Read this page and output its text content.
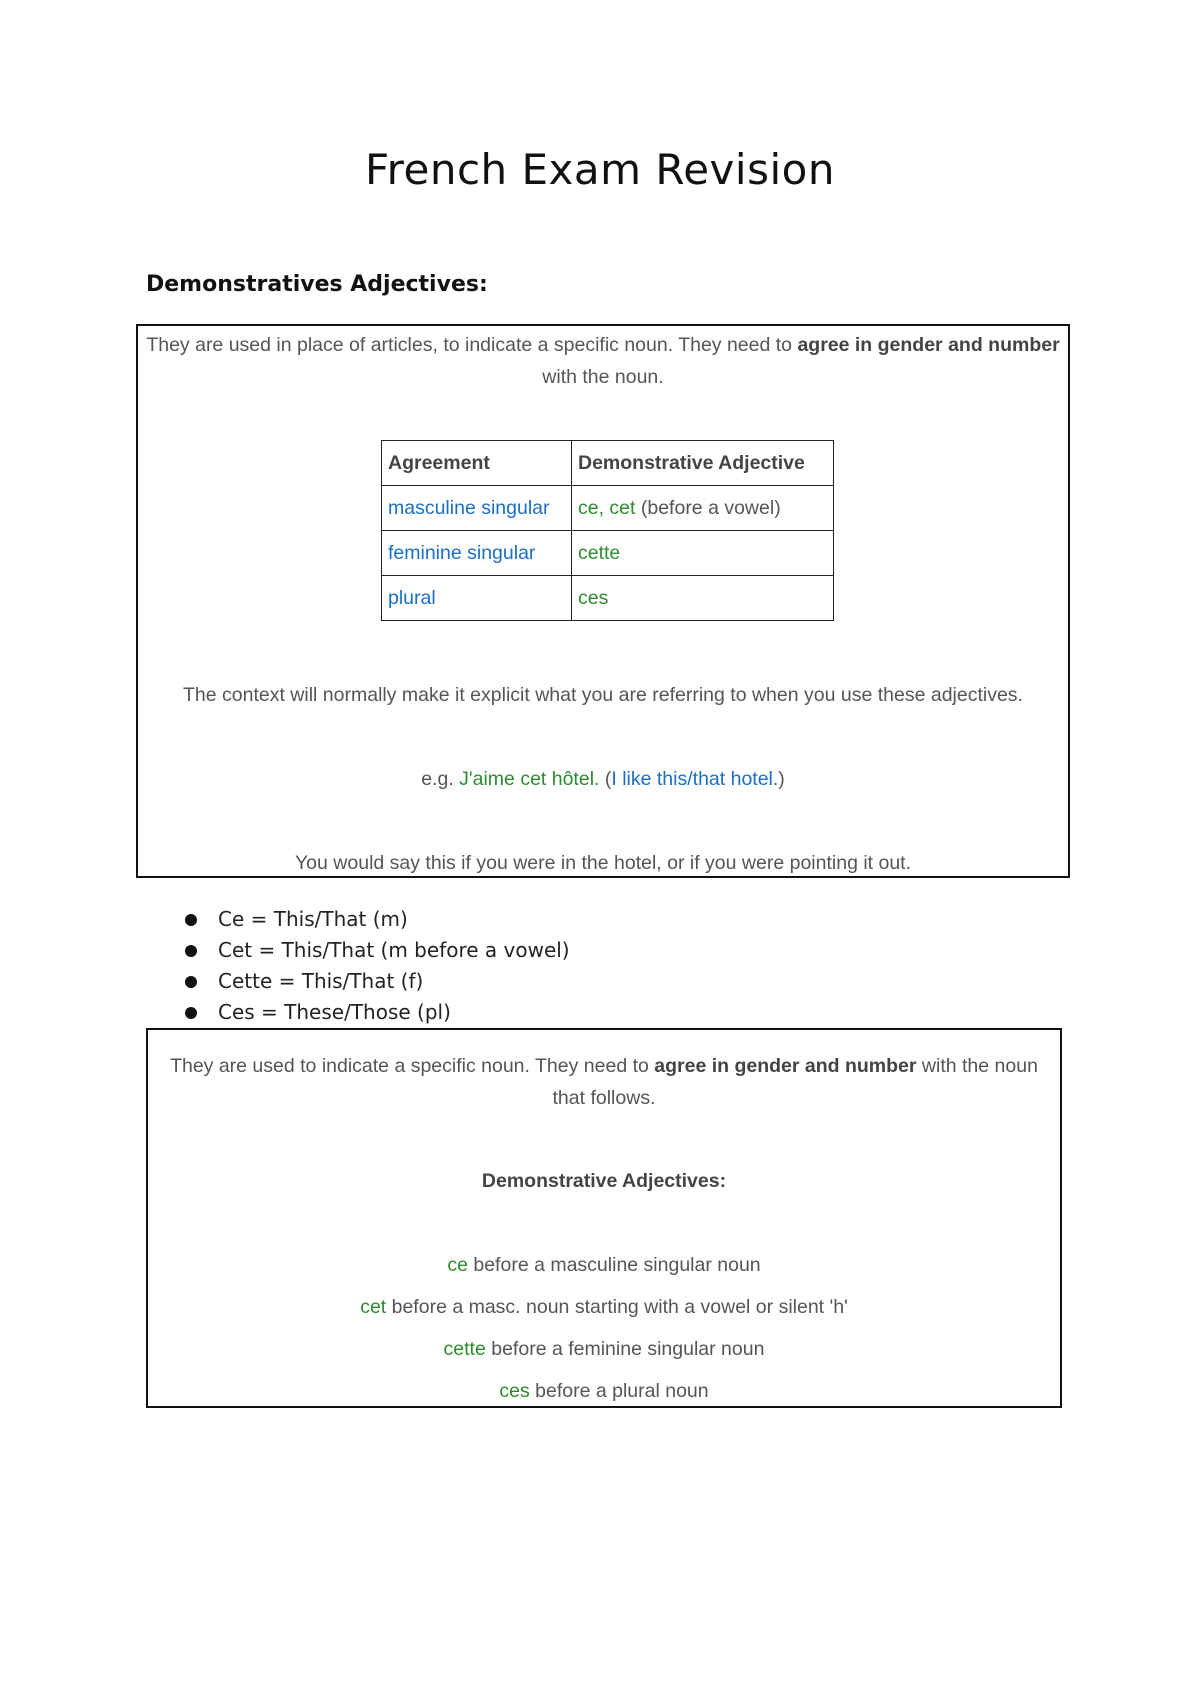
French Exam Revision
Demonstratives Adjectives:
They are used in place of articles, to indicate a specific noun. They need to agree in gender and number with the noun.
Agreement	Demonstrative Adjective
masculine singular	ce, cet (before a vowel)
feminine singular	cette
plural	ces
The context will normally make it explicit what you are referring to when you use these adjectives.
e.g. J'aime cet hôtel. (I like this/that hotel.)
You would say this if you were in the hotel, or if you were pointing it out.
Ce = This/That (m)
Cet = This/That (m before a vowel)
Cette = This/That (f)
Ces = These/Those (pl)
They are used to indicate a specific noun. They need to agree in gender and number with the noun that follows.
Demonstrative Adjectives:
ce before a masculine singular noun
cet before a masc. noun starting with a vowel or silent 'h'
cette before a feminine singular noun
ces before a plural noun
